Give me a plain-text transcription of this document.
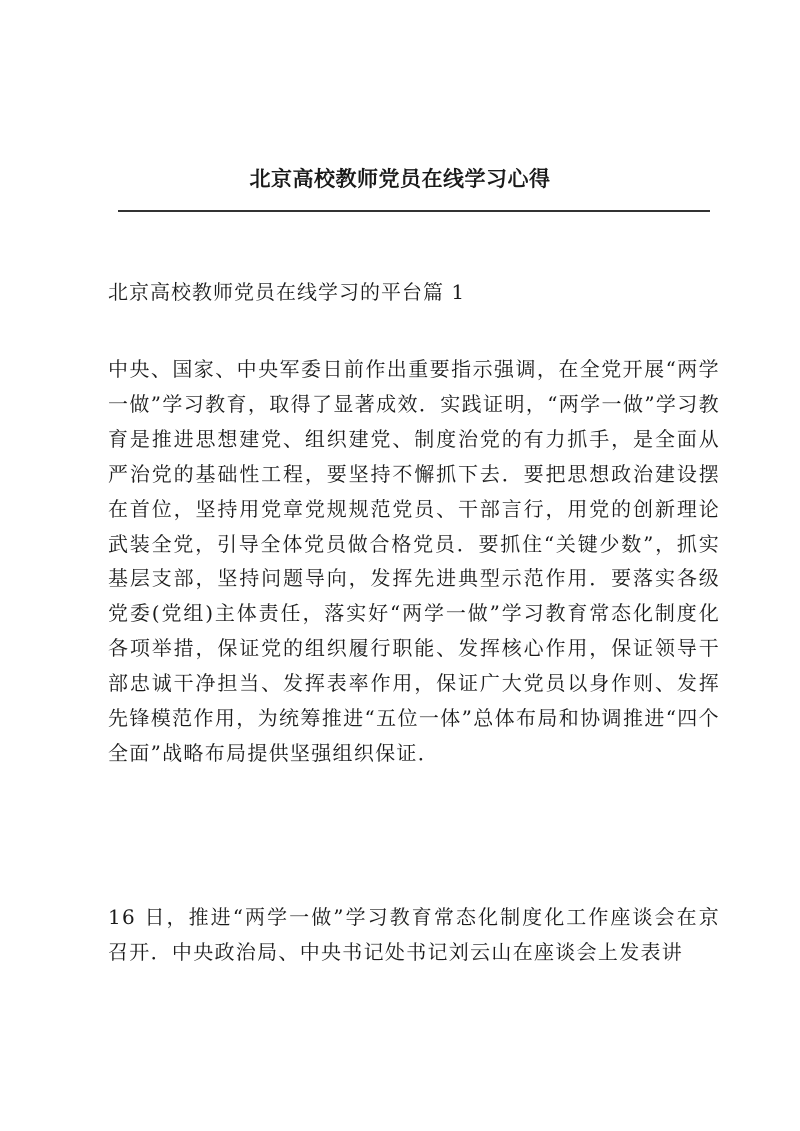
北京高校教师党员在线学习心得
北京高校教师党员在线学习的平台篇 1
中央、国家、中央军委日前作出重要指示强调，在全党开展“两学一做”学习教育，取得了显著成效．实践证明，“两学一做”学习教育是推进思想建党、组织建党、制度治党的有力抓手，是全面从严治党的基础性工程，要坚持不懈抓下去．要把思想政治建设摆在首位，坚持用党章党规规范党员、干部言行，用党的创新理论武装全党，引导全体党员做合格党员．要抓住“关键少数”，抓实基层支部，坚持问题导向，发挥先进典型示范作用．要落实各级党委(党组)主体责任，落实好“两学一做”学习教育常态化制度化各项举措，保证党的组织履行职能、发挥核心作用，保证领导干部忠诚干净担当、发挥表率作用，保证广大党员以身作则、发挥先锋模范作用，为统筹推进“五位一体”总体布局和协调推进“四个全面”战略布局提供坚强组织保证．
16 日，推进“两学一做”学习教育常态化制度化工作座谈会在京召开．中央政治局、中央书记处书记刘云山在座谈会上发表讲
